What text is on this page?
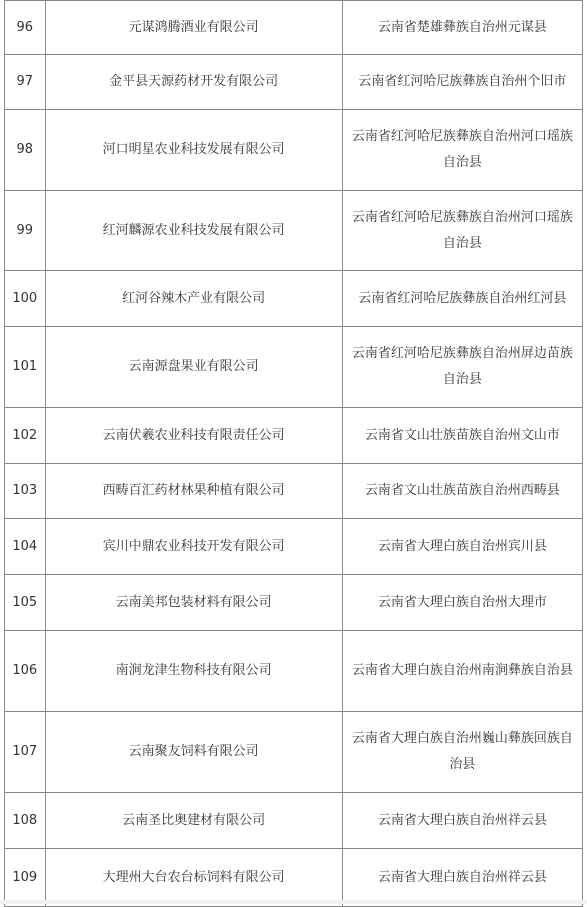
96	元谋鸿腾酒业有限公司	云南省楚雄彝族自治州元谋县
97	金平县天源药材开发有限公司	云南省红河哈尼族彝族自治州个旧市
98	河口明星农业科技发展有限公司	云南省红河哈尼族彝族自治州河口瑶族自治县
99	红河麟源农业科技发展有限公司	云南省红河哈尼族彝族自治州河口瑶族自治县
100	红河谷辣木产业有限公司	云南省红河哈尼族彝族自治州红河县
101	云南源盘果业有限公司	云南省红河哈尼族彝族自治州屏边苗族自治县
102	云南伏羲农业科技有限责任公司	云南省文山壮族苗族自治州文山市
103	西畴百汇药材林果种植有限公司	云南省文山壮族苗族自治州西畴县
104	宾川中鼎农业科技开发有限公司	云南省大理白族自治州宾川县
105	云南美邦包装材料有限公司	云南省大理白族自治州大理市
106	南涧龙津生物科技有限公司	云南省大理白族自治州南涧彝族自治县
107	云南聚友饲料有限公司	云南省大理白族自治州巍山彝族回族自治县
108	云南圣比奥建材有限公司	云南省大理白族自治州祥云县
109	大理州大台农台标饲料有限公司	云南省大理白族自治州祥云县
